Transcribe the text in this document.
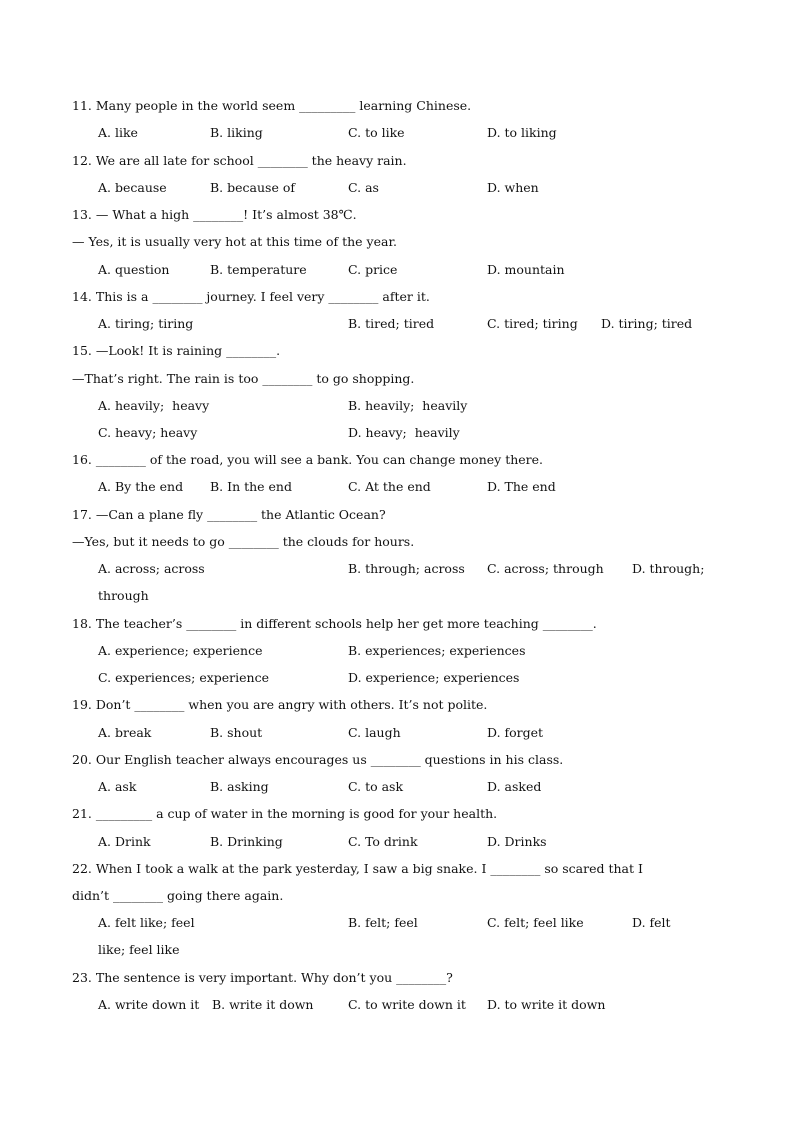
11. Many people in the world seem _________ learning Chinese.
A. like	B. liking	C. to like	D. to liking
12. We are all late for school ________ the heavy rain.
A. because	B. because of	C. as	D. when
13. — What a high ________! It’s almost 38℃.
— Yes, it is usually very hot at this time of the year.
A. question	B. temperature	C. price	D. mountain
14. This is a ________ journey. I feel very ________ after it.
A. tiring; tiring	B. tired; tired	C. tired; tiring D. tiring; tired
15. —Look! It is raining ________.
—That’s right. The rain is too ________ to go shopping.
A. heavily;  heavy	B. heavily;  heavily
C. heavy; heavy	D. heavy;  heavily
16. ________ of the road, you will see a bank. You can change money there.
A. By the end B. In the end	C. At the end	D. The end
17. —Can a plane fly ________ the Atlantic Ocean?
—Yes, but it needs to go ________ the clouds for hours.
A. across; across	B. through; across C. across; through D. through;
through
18. The teacher’s ________ in different schools help her get more teaching ________.
A. experience; experience	B. experiences; experiences
C. experiences; experience	D. experience; experiences
19. Don’t ________ when you are angry with others. It’s not polite.
A. break	B. shout	C. laugh	D. forget
20. Our English teacher always encourages us ________ questions in his class.
A. ask	B. asking	C. to ask	D. asked
21. _________ a cup of water in the morning is good for your health.
A. Drink	B. Drinking	C. To drink	D. Drinks
22. When I took a walk at the park yesterday, I saw a big snake. I ________ so scared that I
didn’t ________ going there again.
A. felt like; feel	B. felt; feel	C. felt; feel like	D. felt
like; feel like
23. The sentence is very important. Why don’t you ________?
A. write down it B. write it down	C. to write down it D. to write it down
